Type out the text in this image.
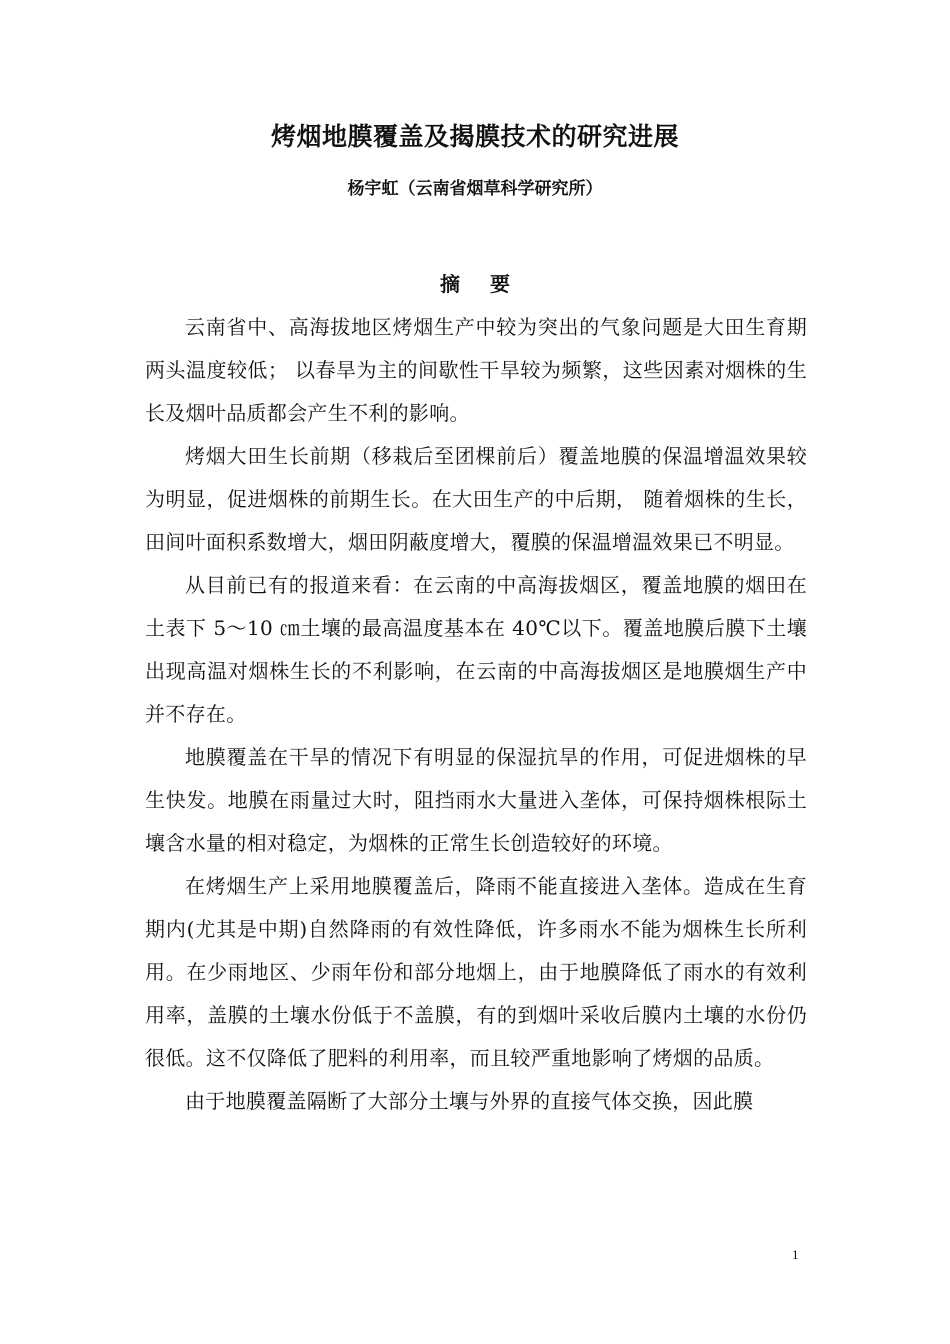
烤烟地膜覆盖及揭膜技术的研究进展
杨宇虹（云南省烟草科学研究所）
摘要

云南省中、高海拔地区烤烟生产中较为突出的气象问题是大田生育期两头温度较低； 以春旱为主的间歇性干旱较为频繁，这些因素对烟株的生长及烟叶品质都会产生不利的影响。

烤烟大田生长前期（移栽后至团棵前后）覆盖地膜的保温增温效果较为明显，促进烟株的前期生长。在大田生产的中后期， 随着烟株的生长，田间叶面积系数增大，烟田阴蔽度增大，覆膜的保温增温效果已不明显。

从目前已有的报道来看：在云南的中高海拔烟区，覆盖地膜的烟田在土表下 5～10 ㎝土壤的最高温度基本在 40℃以下。覆盖地膜后膜下土壤出现高温对烟株生长的不利影响，在云南的中高海拔烟区是地膜烟生产中并不存在。

地膜覆盖在干旱的情况下有明显的保湿抗旱的作用，可促进烟株的早生快发。地膜在雨量过大时，阻挡雨水大量进入垄体，可保持烟株根际土壤含水量的相对稳定，为烟株的正常生长创造较好的环境。

在烤烟生产上采用地膜覆盖后，降雨不能直接进入垄体。造成在生育期内(尤其是中期)自然降雨的有效性降低，许多雨水不能为烟株生长所利用。在少雨地区、少雨年份和部分地烟上，由于地膜降低了雨水的有效利用率，盖膜的土壤水份低于不盖膜，有的到烟叶采收后膜内土壤的水份仍很低。这不仅降低了肥料的利用率，而且较严重地影响了烤烟的品质。

由于地膜覆盖隔断了大部分土壤与外界的直接气体交换，因此膜

1
